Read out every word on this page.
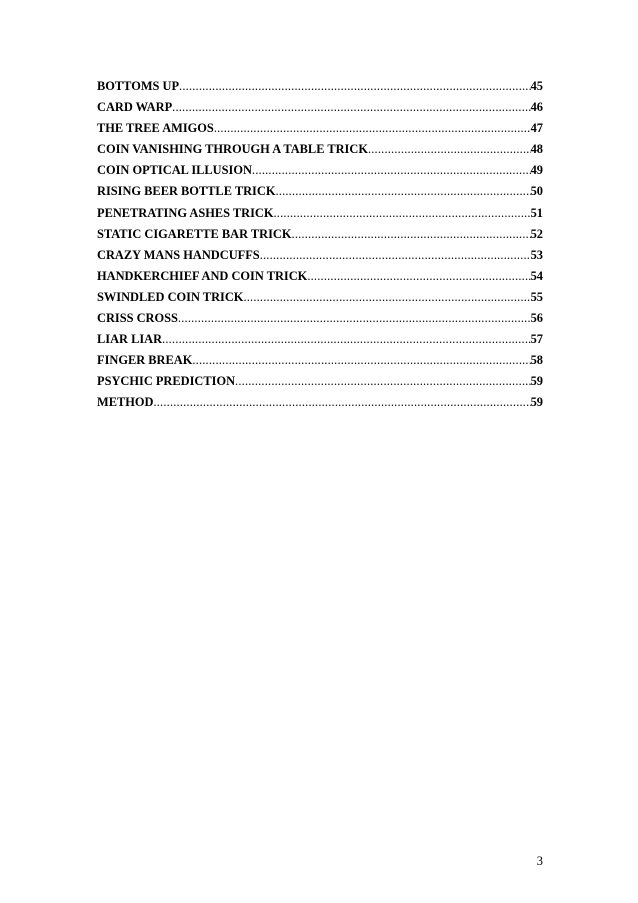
BOTTOMS UP .....	45
CARD WARP .....	46
THE TREE AMIGOS .....	47
COIN VANISHING THROUGH A TABLE TRICK .....	48
COIN OPTICAL ILLUSION .....	49
RISING BEER BOTTLE TRICK .....	50
PENETRATING ASHES TRICK .....	51
STATIC CIGARETTE BAR TRICK .....	52
CRAZY MANS HANDCUFFS .....	53
HANDKERCHIEF AND COIN TRICK .....	54
SWINDLED COIN TRICK .....	55
CRISS CROSS .....	56
LIAR LIAR .....	57
FINGER BREAK .....	58
PSYCHIC PREDICTION .....	59
METHOD .....	59
3
